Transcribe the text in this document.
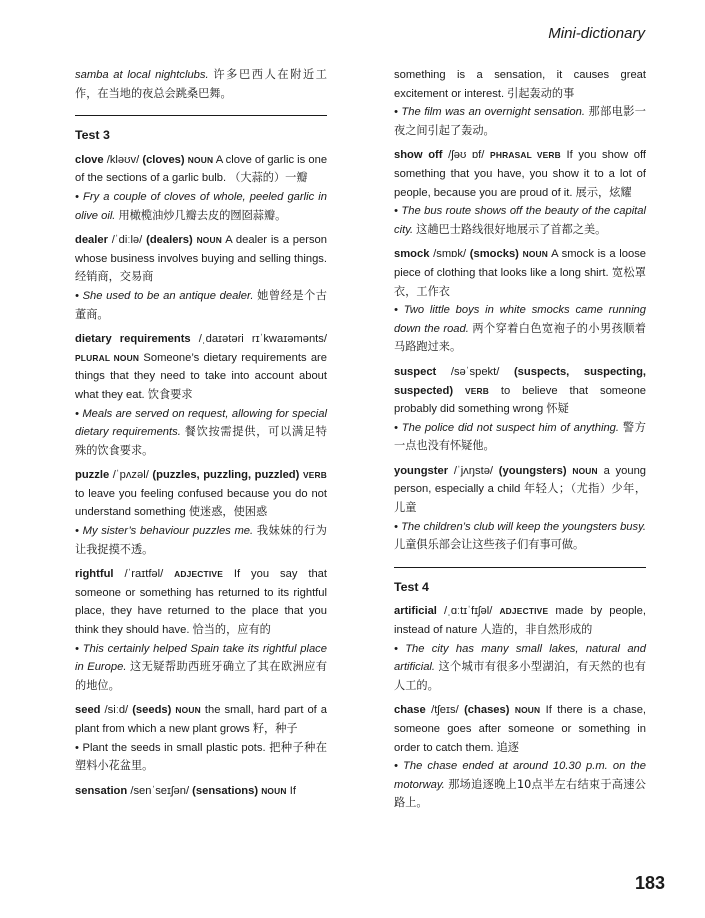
Mini-dictionary
samba at local nightclubs. 许多巴西人在附近工作，在当地的夜总会跳桑巴舞。
Test 3
clove /kləʊv/ (cloves) NOUN A clove of garlic is one of the sections of a garlic bulb. （大蒜的）一瓣
• Fry a couple of cloves of whole, peeled garlic in olive oil. 用橄榄油炒几瓣去皮的囫囵蒜瓣。
dealer /ˈdiːlə/ (dealers) NOUN A dealer is a person whose business involves buying and selling things. 经销商，交易商
• She used to be an antique dealer. 她曾经是个古董商。
dietary requirements /ˌdaɪətəri rɪˈkwaɪəmənts/ PLURAL NOUN Someone’s dietary requirements are things that they need to take into account about what they eat. 饮食要求
• Meals are served on request, allowing for special dietary requirements. 餐饮按需提供，可以满足特殊的饮食要求。
puzzle /ˈpʌzəl/ (puzzles, puzzling, puzzled) VERB to leave you feeling confused because you do not understand something 使迷惑，使困惑
• My sister’s behaviour puzzles me. 我妹妹的行为让我捉摸不透。
rightful /ˈraɪtfəl/ ADJECTIVE If you say that someone or something has returned to its rightful place, they have returned to the place that you think they should have. 恰当的，应有的
• This certainly helped Spain take its rightful place in Europe. 这无疑帮助西班牙确立了其在欧洲应有的地位。
seed /siːd/ (seeds) NOUN the small, hard part of a plant from which a new plant grows 籽，种子
• Plant the seeds in small plastic pots. 把种子种在塑料小花盆里。
sensation /senˈseɪʃən/ (sensations) NOUN If
something is a sensation, it causes great excitement or interest. 引起轰动的事
• The film was an overnight sensation. 那部电影一夜之间引起了轰动。
show off /ʃəʊ ɒf/ PHRASAL VERB If you show off something that you have, you show it to a lot of people, because you are proud of it. 展示，炫耀
• The bus route shows off the beauty of the capital city. 这趟巴士路线很好地展示了首都之美。
smock /smɒk/ (smocks) NOUN A smock is a loose piece of clothing that looks like a long shirt. 宽松罩衣，工作衣
• Two little boys in white smocks came running down the road. 两个穿着白色宽袍子的小男孩顺着马路跑过来。
suspect /səˈspekt/ (suspects, suspecting, suspected) VERB to believe that someone probably did something wrong 怀疑
• The police did not suspect him of anything. 警方一点也没有怀疑他。
youngster /ˈjʌŋstə/ (youngsters) NOUN a young person, especially a child 年轻人；（尤指）少年，儿童
• The children’s club will keep the youngsters busy. 儿童俱乐部会让这些孩子们有事可做。
Test 4
artificial /ˌɑːtɪˈfɪʃəl/ ADJECTIVE made by people, instead of nature 人造的，非自然形成的
• The city has many small lakes, natural and artificial. 这个城市有很多小型湖泊，有天然的也有人工的。
chase /tʃeɪs/ (chases) NOUN If there is a chase, someone goes after someone or something in order to catch them. 追逐
• The chase ended at around 10.30 p.m. on the motorway. 那场追逐晚上10点半左右结束于高速公路上。
183
